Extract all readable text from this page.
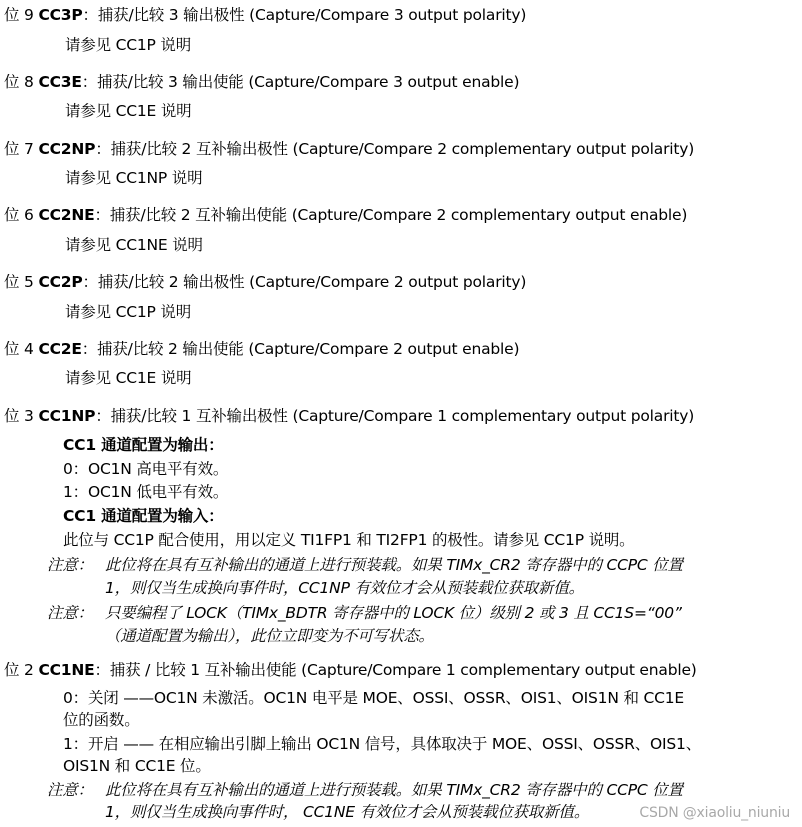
位 9 CC3P：捕获/比较 3 输出极性 (Capture/Compare 3 output polarity)
请参见 CC1P 说明
位 8 CC3E：捕获/比较 3 输出使能 (Capture/Compare 3 output enable)
请参见 CC1E 说明
位 7 CC2NP：捕获/比较 2 互补输出极性 (Capture/Compare 2 complementary output polarity)
请参见 CC1NP 说明
位 6 CC2NE：捕获/比较 2 互补输出使能 (Capture/Compare 2 complementary output enable)
请参见 CC1NE 说明
位 5 CC2P：捕获/比较 2 输出极性 (Capture/Compare 2 output polarity)
请参见 CC1P 说明
位 4 CC2E：捕获/比较 2 输出使能 (Capture/Compare 2 output enable)
请参见 CC1E 说明
位 3 CC1NP：捕获/比较 1 互补输出极性 (Capture/Compare 1 complementary output polarity)
CC1 通道配置为输出：
0：OC1N 高电平有效。
1：OC1N 低电平有效。
CC1 通道配置为输入：
此位与 CC1P 配合使用，用以定义 TI1FP1 和 TI2FP1 的极性。请参见 CC1P 说明。
注意： 此位将在具有互补输出的通道上进行预装载。如果 TIMx_CR2 寄存器中的 CCPC 位置
1，则仅当生成换向事件时，CC1NP 有效位才会从预装载位获取新值。
注意： 只要编程了 LOCK（TIMx_BDTR 寄存器中的 LOCK 位）级别 2 或 3 且 CC1S=“00”
（通道配置为输出），此位立即变为不可写状态。
位 2 CC1NE：捕获 / 比较 1 互补输出使能 (Capture/Compare 1 complementary output enable)
0：关闭 ——OC1N 未激活。OC1N 电平是 MOE、OSSI、OSSR、OIS1、OIS1N 和 CC1E
位的函数。
1：开启 —— 在相应输出引脚上输出 OC1N 信号，具体取决于 MOE、OSSI、OSSR、OIS1、
OIS1N 和 CC1E 位。
注意： 此位将在具有互补输出的通道上进行预装载。如果 TIMx_CR2 寄存器中的 CCPC 位置
1，则仅当生成换向事件时， CC1NE 有效位才会从预装载位获取新值。	CSDN @xiaoliu_niuniu
